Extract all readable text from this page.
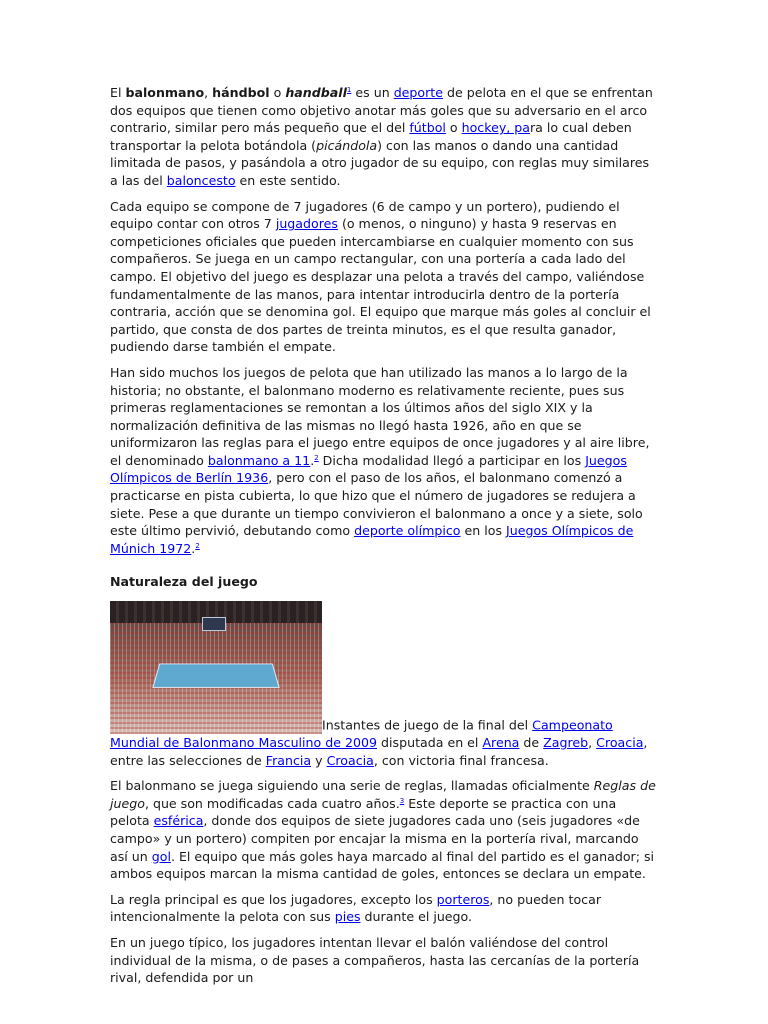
El balonmano, hándbol o handball$^1$ es un deporte de pelota en el que se enfrentan dos equipos que tienen como objetivo anotar más goles que su adversario en el arco contrario, similar pero más pequeño que el del fútbol o hockey, para lo cual deben transportar la pelota botándola (picándola) con las manos o dando una cantidad limitada de pasos, y pasándola a otro jugador de su equipo, con reglas muy similares a las del baloncesto en este sentido.

Cada equipo se compone de 7 jugadores (6 de campo y un portero), pudiendo el equipo contar con otros 7 jugadores (o menos, o ninguno) y hasta 9 reservas en competiciones oficiales que pueden intercambiarse en cualquier momento con sus compañeros. Se juega en un campo rectangular, con una portería a cada lado del campo. El objetivo del juego es desplazar una pelota a través del campo, valiéndose fundamentalmente de las manos, para intentar introducirla dentro de la portería contraria, acción que se denomina gol. El equipo que marque más goles al concluir el partido, que consta de dos partes de treinta minutos, es el que resulta ganador, pudiendo darse también el empate.

Han sido muchos los juegos de pelota que han utilizado las manos a lo largo de la historia; no obstante, el balonmano moderno es relativamente reciente, pues sus primeras reglamentaciones se remontan a los últimos años del siglo XIX y la normalización definitiva de las mismas no llegó hasta 1926, año en que se uniformizaron las reglas para el juego entre equipos de once jugadores y al aire libre, el denominado balonmano a 11.$^2$ Dicha modalidad llegó a participar en los Juegos Olímpicos de Berlín 1936, pero con el paso de los años, el balonmano comenzó a practicarse en pista cubierta, lo que hizo que el número de jugadores se redujera a siete. Pese a que durante un tiempo convivieron el balonmano a once y a siete, solo este último pervivió, debutando como deporte olímpico en los Juegos Olímpicos de Múnich 1972.$^2$

Naturaleza del juego

Instantes de juego de la final del Campeonato Mundial de Balonmano Masculino de 2009 disputada en el Arena de Zagreb, Croacia, entre las selecciones de Francia y Croacia, con victoria final francesa.

El balonmano se juega siguiendo una serie de reglas, llamadas oficialmente Reglas de juego, que son modificadas cada cuatro años.$^3$ Este deporte se practica con una pelota esférica, donde dos equipos de siete jugadores cada uno (seis jugadores «de campo» y un portero) compiten por encajar la misma en la portería rival, marcando así un gol. El equipo que más goles haya marcado al final del partido es el ganador; si ambos equipos marcan la misma cantidad de goles, entonces se declara un empate.

La regla principal es que los jugadores, excepto los porteros, no pueden tocar intencionalmente la pelota con sus pies durante el juego.

En un juego típico, los jugadores intentan llevar el balón valiéndose del control individual de la misma, o de pases a compañeros, hasta las cercanías de la portería rival, defendida por un
